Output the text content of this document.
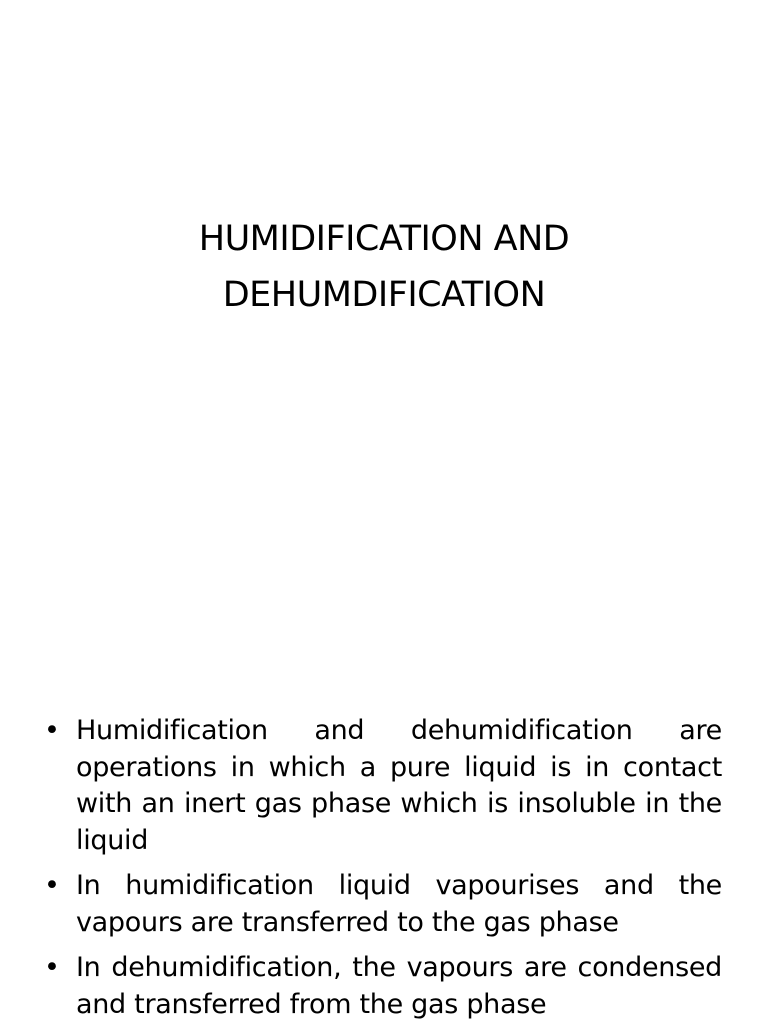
HUMIDIFICATION AND
DEHUMDIFICATION
• Humidification and dehumidification are operations in which a pure liquid is in contact with an inert gas phase which is insoluble in the liquid
• In humidification liquid vapourises and the vapours are transferred to the gas phase
• In dehumidification, the vapours are condensed and transferred from the gas phase
